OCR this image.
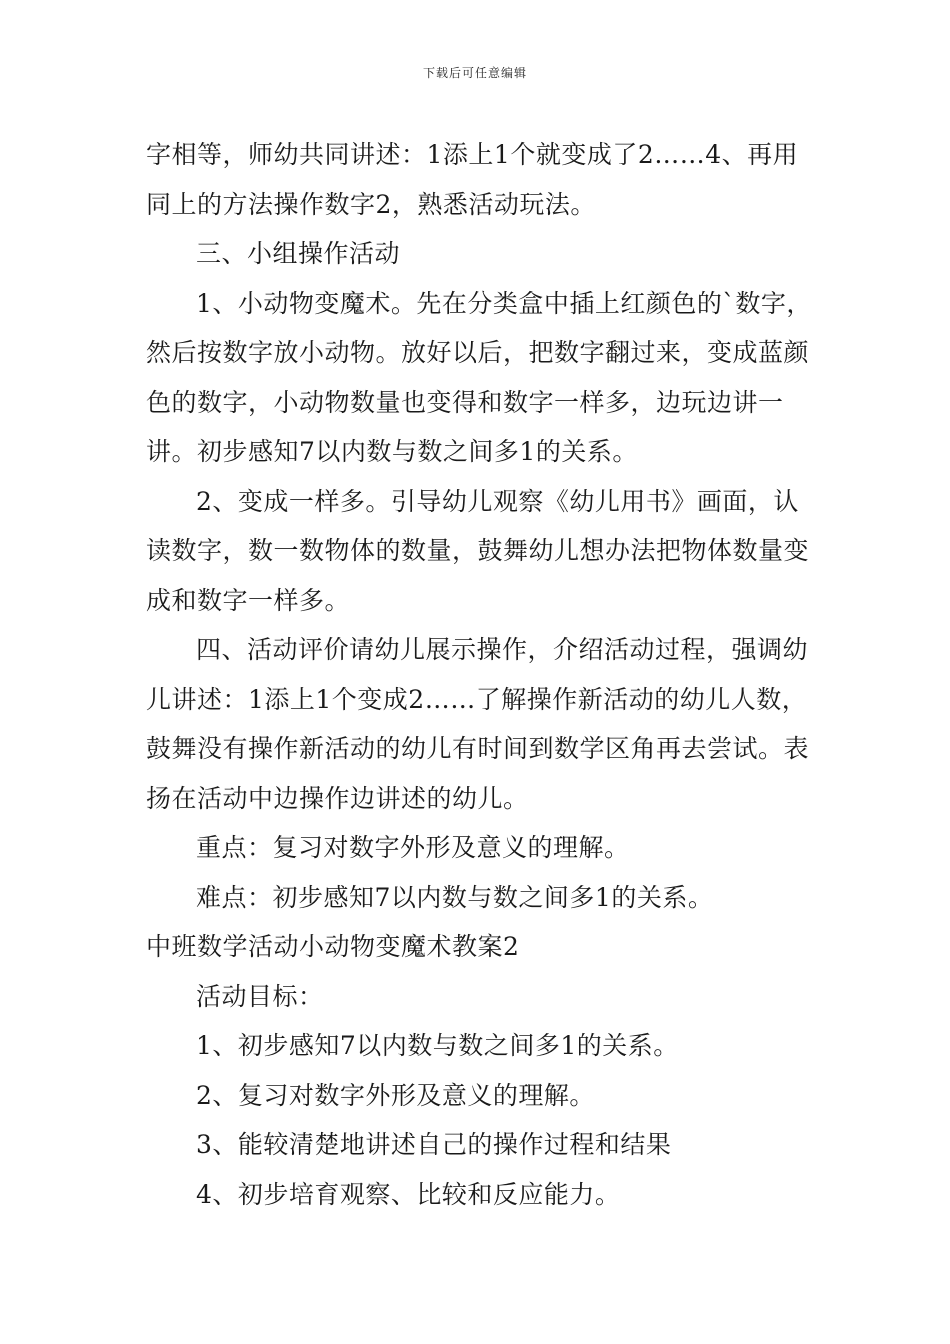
下载后可任意编辑

字相等，师幼共同讲述：1添上1个就变成了2……4、再用同上的方法操作数字2，熟悉活动玩法。

三、小组操作活动

1、小动物变魔术。先在分类盒中插上红颜色的`数字，然后按数字放小动物。放好以后，把数字翻过来，变成蓝颜色的数字，小动物数量也变得和数字一样多，边玩边讲一讲。初步感知7以内数与数之间多1的关系。

2、变成一样多。引导幼儿观察《幼儿用书》画面，认读数字，数一数物体的数量，鼓舞幼儿想办法把物体数量变成和数字一样多。

四、活动评价请幼儿展示操作，介绍活动过程，强调幼儿讲述：1添上1个变成2……了解操作新活动的幼儿人数，鼓舞没有操作新活动的幼儿有时间到数学区角再去尝试。表扬在活动中边操作边讲述的幼儿。

重点：复习对数字外形及意义的理解。

难点：初步感知7以内数与数之间多1的关系。

中班数学活动小动物变魔术教案2

活动目标：

1、初步感知7以内数与数之间多1的关系。

2、复习对数字外形及意义的理解。

3、能较清楚地讲述自己的操作过程和结果

4、初步培育观察、比较和反应能力。
